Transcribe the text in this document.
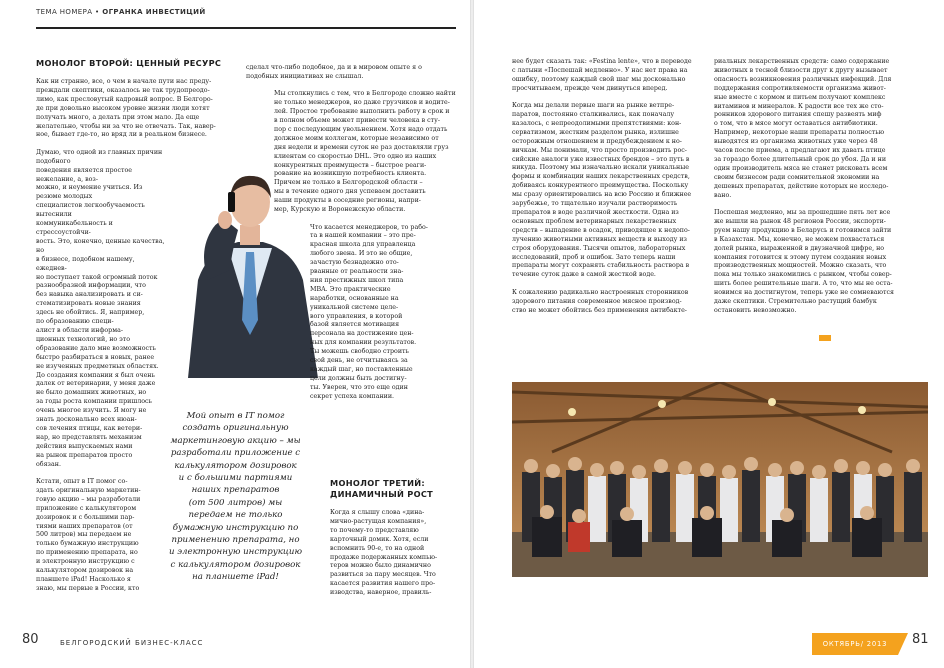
ТЕМА НОМЕРА • ОГРАНКА ИНВЕСТИЦИЙ
МОНОЛОГ ВТОРОЙ: ЦЕННЫЙ РЕСУРС

Как ни странно, все, о чем в начале пути нас преду-
преждали скептики, оказалось не так трудопреодо-
лимо, как пресловутый кадровый вопрос. В Белгоро-
де при довольно высоком уровне жизни люди хотят
получать много, а делать при этом мало. Да еще
желательно, чтобы ни за что не отвечать. Так, навер-
ное, бывает где-то, но вряд ли в реальном бизнесе.

Думаю, что одной из главных причин подобного
поведения является простое нежелание, а, воз-
можно, и неумение учиться. Из резюме молодых
специалистов легкообучаемость вытеснили
коммуникабельность и стрессоустойчи-
вость. Это, конечно, ценные качества, но
в бизнесе, подобном нашему, ежеднев-
но поступает такой огромный поток
разнообразной информации, что
без навыка анализировать и си-
стематизировать новые знания
здесь не обойтись. Я, например,
по образованию специ-
алист в области информа-
ционных технологий, но это
образование дало мне возможность
быстро разбираться в новых, ранее
не изученных предметных областях.
До создания компании я был очень
далек от ветеринарии, у меня даже
не было домашних животных, но
за годы роста компании пришлось
очень многое изучить. Я могу не
знать досконально всех нюан-
сов лечения птицы, как ветери-
нар, но представлять механизм
действия выпускаемых нами
на рынок препаратов просто
обязан.

Кстати, опыт в IT помог со-
здать оригинальную маркетин-
говую акцию – мы разработали
приложение с калькулятором
дозировок и с большими пар-
тиями наших препаратов (от
500 литров) мы передаем не
только бумажную инструкцию
по применению препарата, но
и электронную инструкцию с
калькулятором дозировок на
планшете iPad! Насколько я
знаю, мы первые в России, кто

Мой опыт в IT помог
создать оригинальную
маркетинговую акцию – мы
разработали приложение с
калькулятором дозировок
и с большими партиями
наших препаратов
(от 500 литров) мы
передаем не только
бумажную инструкцию по
применению препарата, но
и электронную инструкцию
с калькулятором дозировок
на планшете iPad!

сделал что-либо подобное, да и в мировом опыте я о
подобных инициативах не слышал.

Мы столкнулись с тем, что в Белгороде сложно найти
не только менеджеров, но даже грузчиков и водите-
лей. Простое требование выполнить работу в срок и
в полном объеме может привести человека в сту-
пор с последующим увольнением. Хотя надо отдать
должное моим коллегам, которые независимо от
дня недели и времени суток не раз доставляли груз
клиентам со скоростью DHL. Это одно из наших
конкурентных преимуществ – быстрое реаги-
рование на возникшую потребность клиента.
Причем не только в Белгородской области –
мы в течение одного дня успеваем доставить
наши продукты в соседние регионы, напри-
мер, Курскую и Воронежскую области.

Что касается менеджеров, то рабо-
та в нашей компании – это пре-
красная школа для управленца
любого звена. И это не общие,
зачастую безнадежно ото-
рванные от реальности зна-
ния престижных школ типа
MBA. Это практические
наработки, основанные на
уникальной системе целе-
вого управления, в которой
базой является мотивация
персонала на достижение цен-
ных для компании результатов.
Ты можешь свободно строить
свой день, не отчитываясь за
каждый шаг, но поставленные
цели должны быть достигну-
ты. Уверен, что это еще один
секрет успеха компании.

МОНОЛОГ ТРЕТИЙ:
ДИНАМИЧНЫЙ РОСТ

Когда я слышу слова «дина-
мично-растущая компания»,
то почему-то представляю
карточный домик. Хотя, если
вспомнить 90-е, то на одной
продаже подержанных компью-
теров можно было динамично
развиться за пару месяцев. Что
касается развития нашего про-
изводства, наверное, правиль-

80	БЕЛГОРОДСКИЙ БИЗНЕС-КЛАСС

нее будет сказать так: «Festina lente», что в переводе
с латыни «Поспешай медленно». У нас нет права на
ошибку, поэтому каждый свой шаг мы досконально
просчитываем, прежде чем двинуться вперед.

Когда мы делали первые шаги на рынке ветпре-
паратов, постоянно сталкивались, как поначалу
казалось, с непреодолимыми препятствиями: кон-
серватизмом, жестким разделом рынка, излишне
осторожным отношением и предубеждением к но-
вичкам. Мы понимали, что просто производить рос-
сийские аналоги уже известных брендов – это путь в
никуда. Поэтому мы изначально искали уникальные
формы и комбинации наших лекарственных средств,
добиваясь конкурентного преимущества. Поскольку
мы сразу ориентировались на всю Россию и ближнее
зарубежье, то тщательно изучали растворимость
препаратов в воде различной жесткости. Одна из
основных проблем ветеринарных лекарственных
средств – выпадение в осадок, приводящее к недопо-
лучению животными активных веществ и выходу из
строя оборудования. Тысячи опытов, лабораторных
исследований, проб и ошибок. Зато теперь наши
препараты могут сохранять стабильность раствора в
течение суток даже в самой жесткой воде.

К сожалению радикально настроенных сторонников
здорового питания современное мясное производ-
ство не может обойтись без применения антибакте-

риальных лекарственных средств: само содержание
животных в тесной близости друг к другу вызывает
опасность возникновения различных инфекций. Для
поддержания сопротивляемости организма живот-
ные вместе с кормом и питьем получают комплекс
витаминов и минералов. К радости все тех же сто-
ронников здорового питания спешу развеять миф
о том, что в мясе могут оставаться антибиотики.
Например, некоторые наши препараты полностью
выводятся из организма животных уже через 48
часов после приема, а предлагают их давать птице
за гораздо более длительный срок до убоя. Да и ни
один производитель мяса не станет рисковать всем
своим бизнесом ради сомнительной экономии на
дешевых препаратах, действие которых не исследо-
вано.

Поспешая медленно, мы за прошедшие пять лет все
же вышли на рынок 48 регионов России, экспорти-
руем нашу продукцию в Беларусь и готовимся зайти
в Казахстан. Мы, конечно, не можем похвастаться
долей рынка, выраженной в двузначной цифре, но
компания готовится к этому путем создания новых
производственных мощностей. Можно сказать, что
пока мы только знакомились с рынком, чтобы совер-
шить более решительные шаги. А то, что мы не оста-
новимся на достигнутом, теперь уже не сомневаются
даже скептики. Стремительно растущий бамбук
остановить невозможно.

ОКТЯБРЬ/ 2013	81
